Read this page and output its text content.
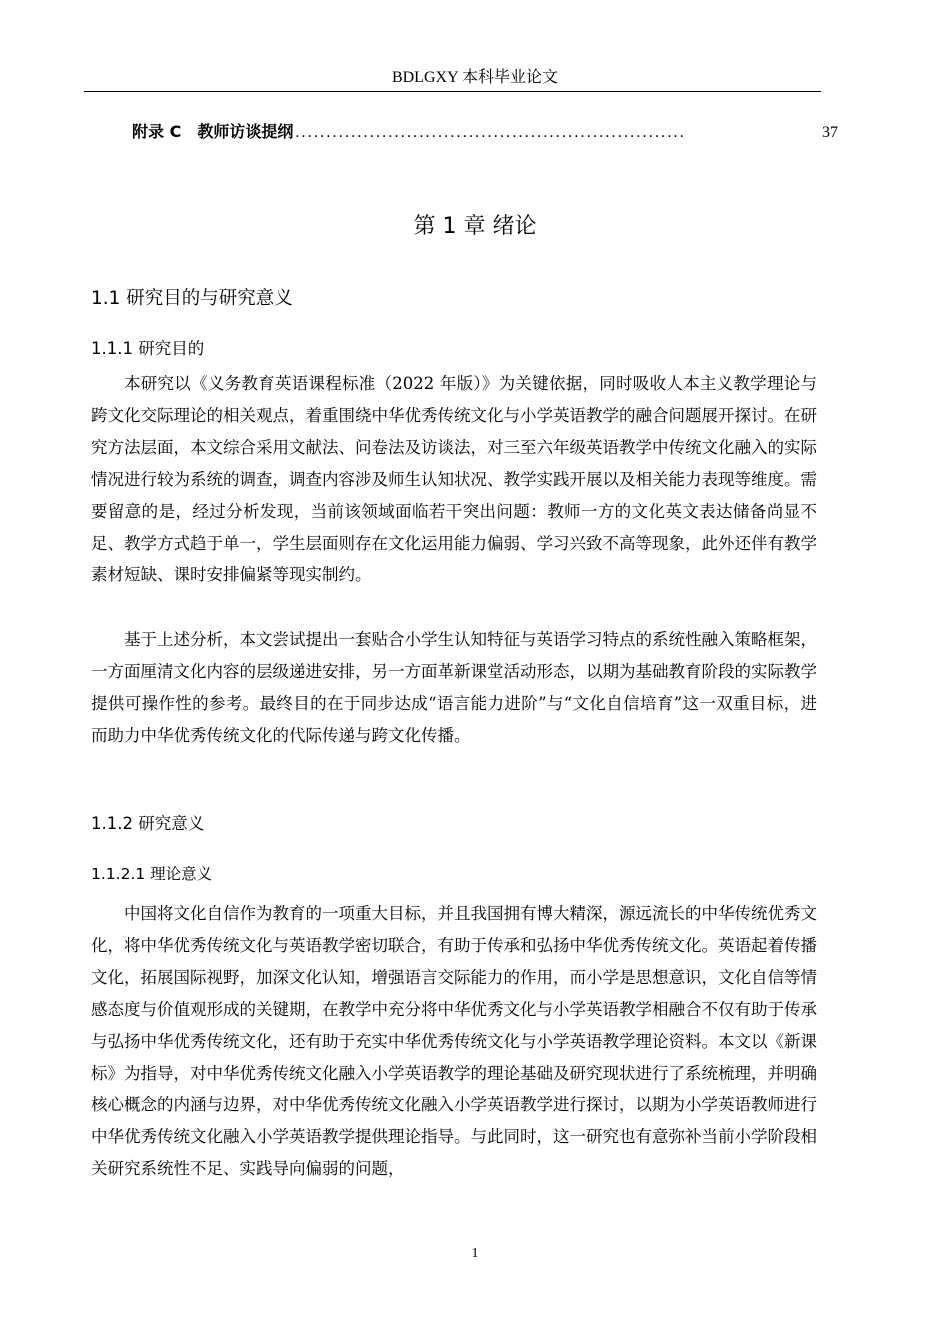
BDLGXY 本科毕业论文
附录 C 教师访谈提纲 ...............................................................	37
第 1 章 绪论
1.1 研究目的与研究意义
1.1.1 研究目的

本研究以《义务教育英语课程标准（2022 年版）》为关键依据，同时吸收人本主义教学理论与跨文化交际理论的相关观点，着重围绕中华优秀传统文化与小学英语教学的融合问题展开探讨。在研究方法层面，本文综合采用文献法、问卷法及访谈法，对三至六年级英语教学中传统文化融入的实际情况进行较为系统的调查，调查内容涉及师生认知状况、教学实践开展以及相关能力表现等维度。需要留意的是，经过分析发现，当前该领域面临若干突出问题：教师一方的文化英文表达储备尚显不足、教学方式趋于单一，学生层面则存在文化运用能力偏弱、学习兴致不高等现象，此外还伴有教学素材短缺、课时安排偏紧等现实制约。

基于上述分析，本文尝试提出一套贴合小学生认知特征与英语学习特点的系统性融入策略框架，一方面厘清文化内容的层级递进安排，另一方面革新课堂活动形态，以期为基础教育阶段的实际教学提供可操作性的参考。最终目的在于同步达成“语言能力进阶”与“文化自信培育”这一双重目标，进而助力中华优秀传统文化的代际传递与跨文化传播。

1.1.2 研究意义
1.1.2.1 理论意义

中国将文化自信作为教育的一项重大目标，并且我国拥有博大精深，源远流长的中华传统优秀文化，将中华优秀传统文化与英语教学密切联合，有助于传承和弘扬中华优秀传统文化。英语起着传播文化，拓展国际视野，加深文化认知，增强语言交际能力的作用，而小学是思想意识，文化自信等情感态度与价值观形成的关键期，在教学中充分将中华优秀文化与小学英语教学相融合不仅有助于传承与弘扬中华优秀传统文化，还有助于充实中华优秀传统文化与小学英语教学理论资料。本文以《新课标》为指导，对中华优秀传统文化融入小学英语教学的理论基础及研究现状进行了系统梳理，并明确核心概念的内涵与边界，对中华优秀传统文化融入小学英语教学进行探讨，以期为小学英语教师进行中华优秀传统文化融入小学英语教学提供理论指导。与此同时，这一研究也有意弥补当前小学阶段相关研究系统性不足、实践导向偏弱的问题，

1
